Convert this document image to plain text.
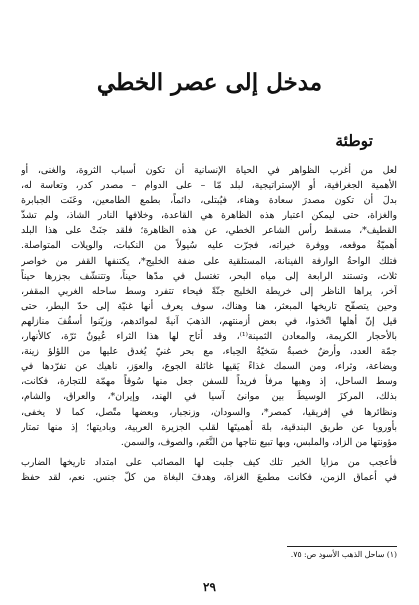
مدخل إلى عصر الخطي
توطئة
لعل من أغرب الظواهر في الحياة الإنسانية أن تكون أسباب الثروة، والغنى، أو
الأهمية الجغرافية، أو الإستراتيجية، لبلد مّا – على الدوام – مصدر كدر، وتعاسة له،
بدلَ أن تكون مصدرَ سعادة وهناء، فيُبتلى، دائماً، بطمع الطامعين، وعَنَت الجبابرة
والغزاة، حتى ليمكن اعتبار هذه الظاهرة هي القاعدة، وخلافها النادر الشاذ، ولم تشذّ
القطيف*، مسقط رأس الشاعر الخطي، عن هذه الظاهرة؛ فلقد جنَتْ على هذا البلد
أهميّةُ موقعه، ووفرة خيراته، فجرّت عليه سُيولاً من النكبات، والويلات المتواصلة.
فتلك الواحةُ الوارفة الفينانة، المستلقية على ضفة الخليج*، يكتنفها القفر من خواصر
ثلاث، وتستند الرابعة إلى مياه البحر، تغتسل في مدّها حيناً، وتتنشّف بجزرها حيناً
آخر، يراها الناظر إلى خريطة الخليج جنّةً فيحاء تتفرد وسط ساحله الغربي المقفر،
وحين يتصفّح تاريخها المبعثر، هنا وهناك، سوف يعرف أنها غنيّة إلى حدّ البطر، حتى
قيل إنّ أهلها اتّخذوا، في بعض أزمنتهم، الذهبَ آنيةً لموائدهم، وزيّنوا أسقُفَ منازلهم
بالأحجار الكريمة، والمعادن الثمينة⁽¹⁾، وقد أتاح لها هذا الثراء عُيونٌ ثرّة، كالأنهار،
جمّة العدد، وأرضٌ خصبةٌ سَخيّةُ الحِباء، مع بحر غنيّ يُغدق عليها من اللؤلؤ زينة،
وبضاعة، وثراء، ومن السمك غذاءً يَقيها غائلة الجوع، والعوَز، ناهيك عن تفرّدها في
وسط الساحل، إذ وهبها مرفأً فريداً للسفن جعل منها سُوقاً مهمّة للتجارة، فكانت،
بذلك، المركزَ الوسيطَ بين موانئ آسيا في الهند، وإيران*، والعراق، والشام،
ونظائرها في إفريقيا، كمصر*، والسودان، وزنجبار، وبعضها متّصل، كما لا يخفى،
بأوروبا عن طريق البندقية، بلهَ أهميتَها لقلب الجزيرة العربية، وباديتها؛ إذ منها تمتار
مؤونتها من الزاد، والملبس، وبها تبيع نتاجها من النَّعَم، والصوف، والسمن.
فأعجب من مزايا الخير تلك كيف جلبت لها المصائب على امتداد تاريخها الضارب
في أعماق الزمن، فكانت مطمعَ الغزاة، وهدفَ البغاة من كلّ جنس. نعم، لقد حفظ

(١) ساحل الذهب الأسود ص: ٧٥.

٢٩
